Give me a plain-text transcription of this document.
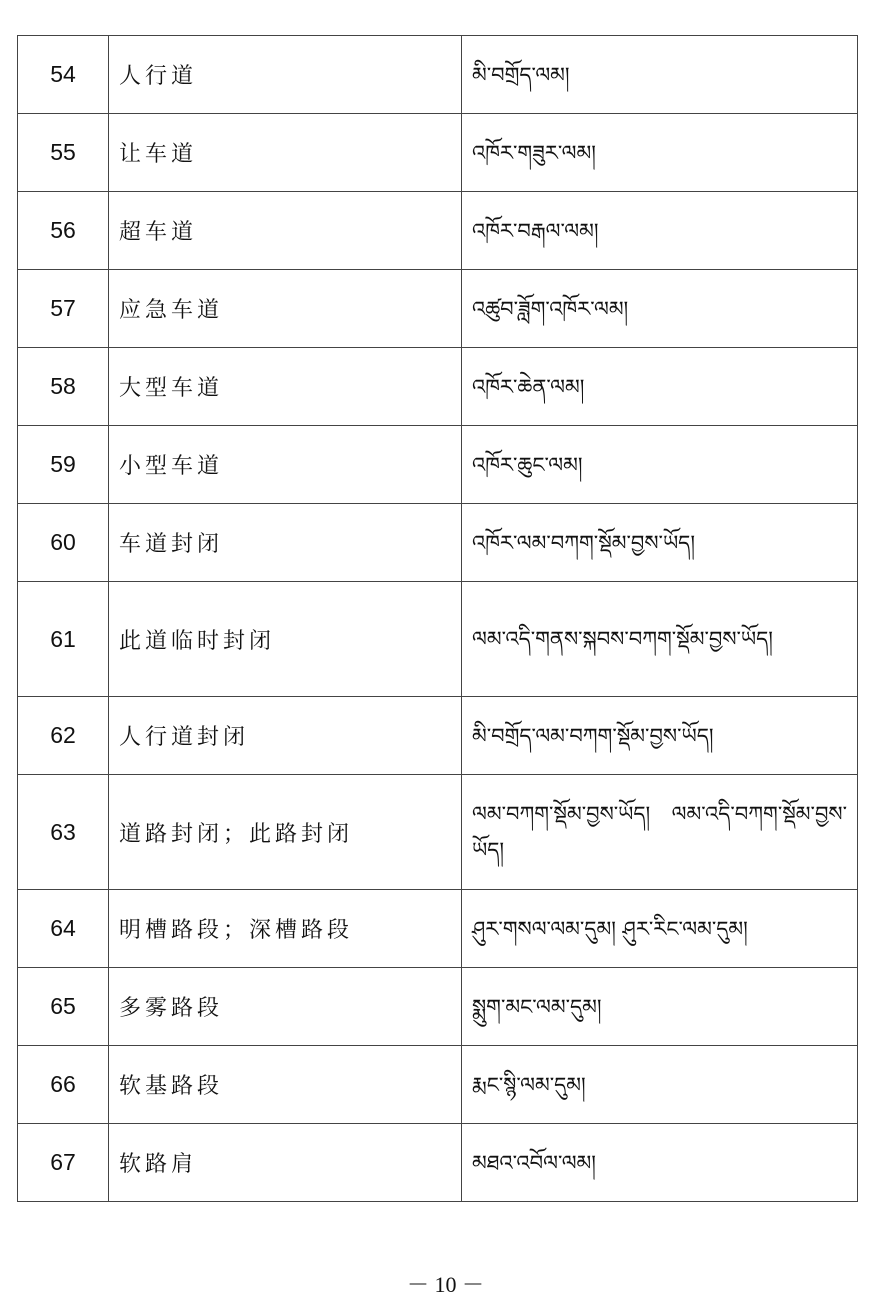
54	人行道	མི་བགྲོད་ལམ།
55	让车道	འཁོར་གཟུར་ལམ།
56	超车道	འཁོར་བརྒལ་ལམ།
57	应急车道	འཚུབ་ཟློག་འཁོར་ལམ།
58	大型车道	འཁོར་ཆེན་ལམ།
59	小型车道	འཁོར་ཆུང་ལམ།
60	车道封闭	འཁོར་ལམ་བཀག་སྡོམ་བྱས་ཡོད།
61	此道临时封闭	ལམ་འདི་གནས་སྐབས་བཀག་སྡོམ་བྱས་ཡོད།
62	人行道封闭	མི་བགྲོད་ལམ་བཀག་སྡོམ་བྱས་ཡོད།
63	道路封闭；此路封闭	ལམ་བཀག་སྡོམ་བྱས་ཡོད། ལམ་འདི་བཀག་སྡོམ་བྱས་ཡོད།
64	明槽路段；深槽路段	ཤུར་གསལ་ལམ་དུམ། ཤུར་རིང་ལམ་དུམ།
65	多雾路段	སྨུག་མང་ལམ་དུམ།
66	软基路段	རྨང་སྙི་ལམ་དུམ།
67	软路肩	མཐའ་འབོལ་ལམ།
－ 10 －
